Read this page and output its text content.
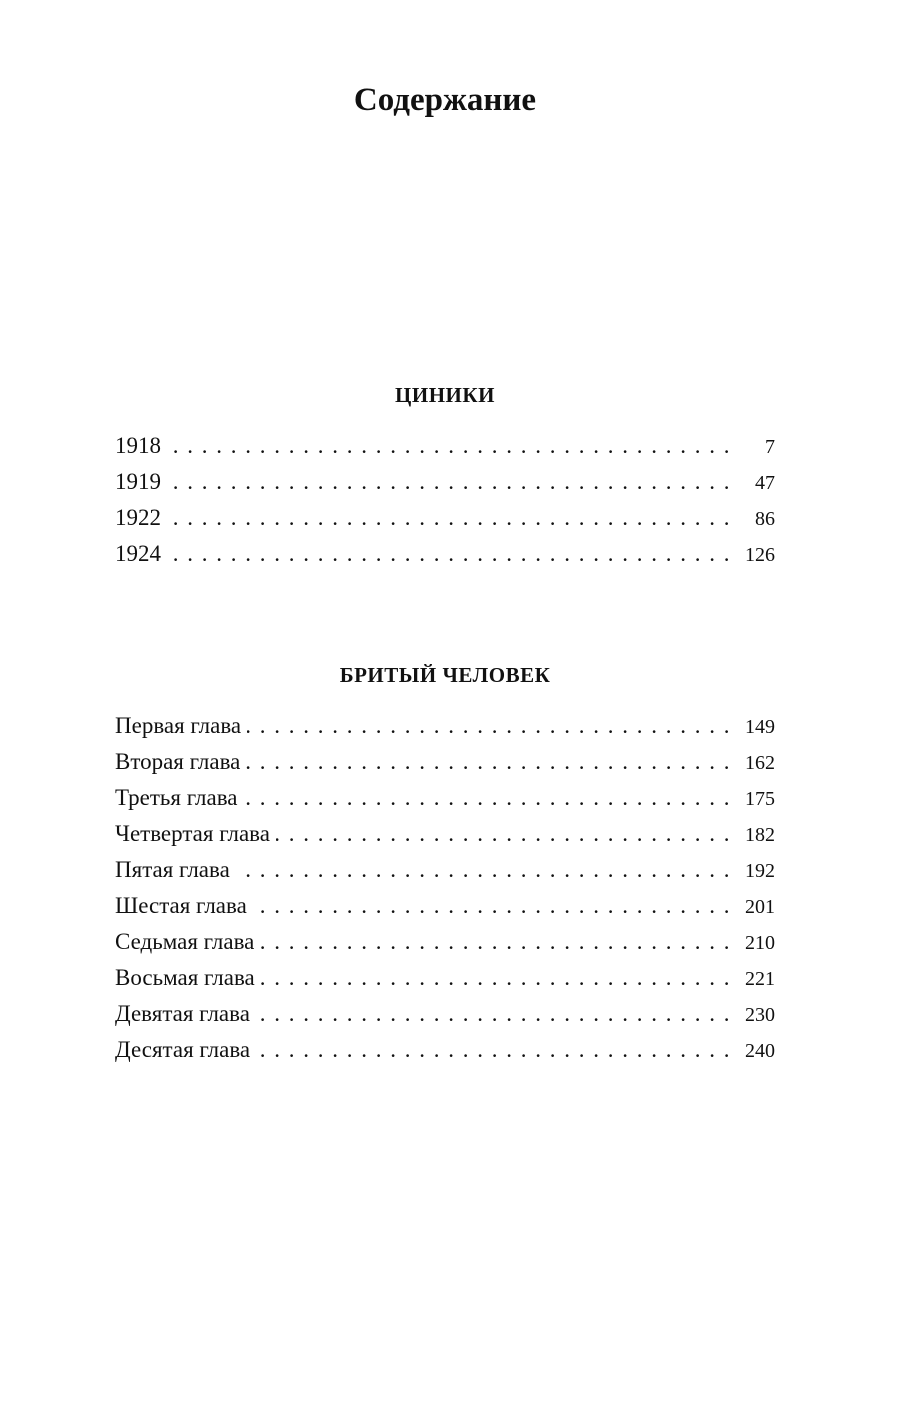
Содержание
ЦИНИКИ
1918 . . .	7
1919 . . .	47
1922 . . .	86
1924 . . .	126
БРИТЫЙ ЧЕЛОВЕК
Первая глава . . .	149
Вторая глава . . .	162
Третья глава . . .	175
Четвертая глава . . .	182
Пятая глава . . .	192
Шестая глава . . .	201
Седьмая глава . . .	210
Восьмая глава . . .	221
Девятая глава . . .	230
Десятая глава . . .	240
